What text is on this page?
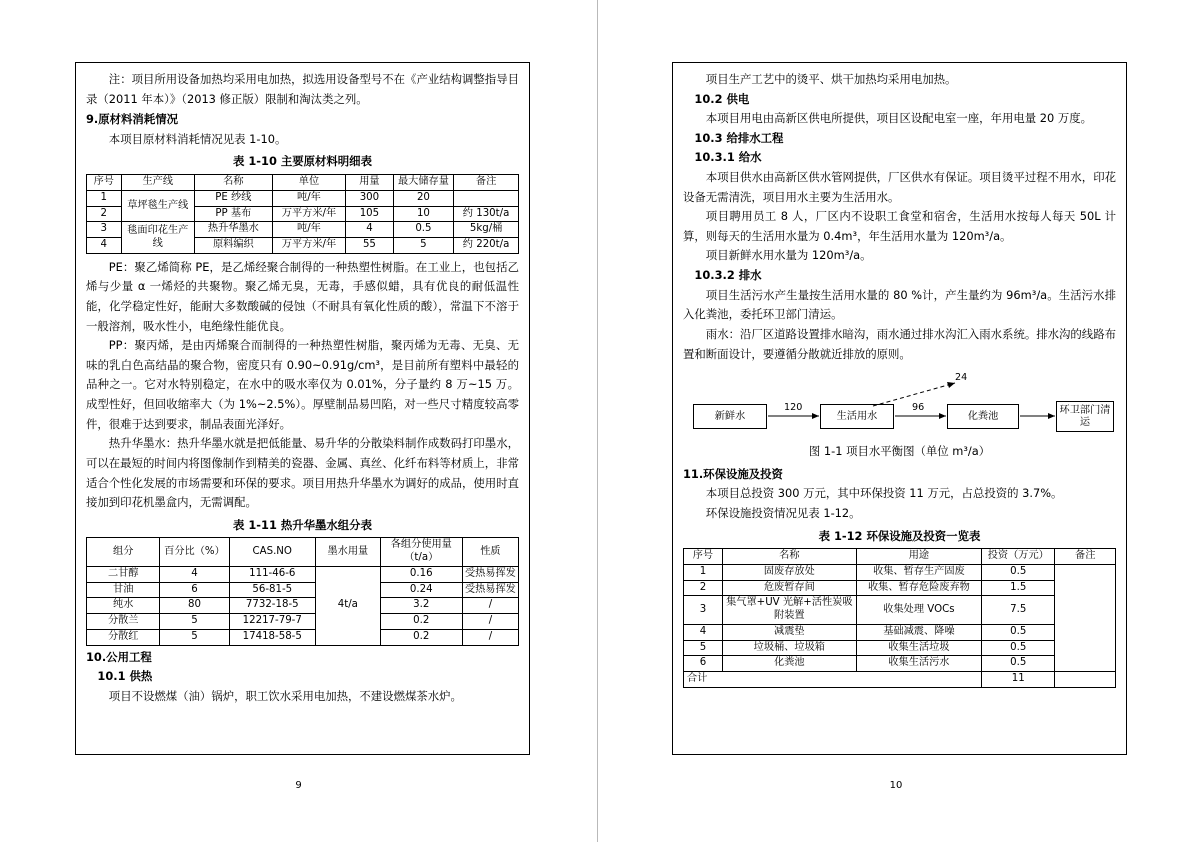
注：项目所用设备加热均采用电加热，拟选用设备型号不在《产业结构调整指导目录（2011 年本）》（2013 修正版）限制和淘汰类之列。

9.原材料消耗情况

本项目原材料消耗情况见表 1-10。

表 1-10 主要原材料明细表
序号	生产线	名称	单位	用量	最大储存量	备注
1	草坪毯生产线	PE 纱线	吨/年	300	20	
2		PP 基布	万平方米/年	105	10	约 130t/a
3	毯面印花生产线	热升华墨水	吨/年	4	0.5	5kg/桶
4		原料编织	万平方米/年	55	5	约 220t/a

PE：聚乙烯简称 PE，是乙烯经聚合制得的一种热塑性树脂。在工业上，也包括乙烯与少量 α 一烯烃的共聚物。聚乙烯无臭，无毒，手感似蜡，具有优良的耐低温性能，化学稳定性好，能耐大多数酸碱的侵蚀（不耐具有氧化性质的酸），常温下不溶于一般溶剂，吸水性小，电绝缘性能优良。

PP：聚丙烯，是由丙烯聚合而制得的一种热塑性树脂，聚丙烯为无毒、无臭、无味的乳白色高结晶的聚合物，密度只有 0.90~0.91g/cm³，是目前所有塑料中最轻的品种之一。它对水特别稳定，在水中的吸水率仅为 0.01%，分子量约 8 万~15 万。成型性好，但回收缩率大（为 1%~2.5%）。厚壁制品易凹陷，对一些尺寸精度较高零件，很难于达到要求，制品表面光泽好。

热升华墨水：热升华墨水就是把低能量、易升华的分散染料制作成数码打印墨水，可以在最短的时间内将图像制作到精美的瓷器、金属、真丝、化纤布料等材质上，非常适合个性化发展的市场需要和环保的要求。项目用热升华墨水为调好的成品，使用时直接加到印花机墨盒内，无需调配。

表 1-11 热升华墨水组分表
组分	百分比（%）	CAS.NO	墨水用量	各组分使用量（t/a）	性质
二甘醇	4	111-46-6	4t/a	0.16	受热易挥发
甘油	6	56-81-5		0.24	受热易挥发
纯水	80	7732-18-5		3.2	/
分散兰	5	12217-79-7		0.2	/
分散红	5	17418-58-5		0.2	/

10.公用工程

10.1 供热

项目不设燃煤（油）锅炉，职工饮水采用电加热，不建设燃煤茶水炉。

9

项目生产工艺中的烫平、烘干加热均采用电加热。

10.2 供电

本项目用电由高新区供电所提供，项目区设配电室一座，年用电量 20 万度。

10.3 给排水工程

10.3.1 给水

本项目供水由高新区供水管网提供，厂区供水有保证。项目烫平过程不用水，印花设备无需清洗，项目用水主要为生活用水。

项目聘用员工 8 人，厂区内不设职工食堂和宿舍，生活用水按每人每天 50L 计算，则每天的生活用水量为 0.4m³，年生活用水量为 120m³/a。

项目新鲜水用水量为 120m³/a。

10.3.2 排水

项目生活污水产生量按生活用水量的 80 %计，产生量约为 96m³/a。生活污水排入化粪池，委托环卫部门清运。

雨水：沿厂区道路设置排水暗沟，雨水通过排水沟汇入雨水系统。排水沟的线路布置和断面设计，要遵循分散就近排放的原则。

新鲜水	生活用水	化粪池
环卫部门清运
120	96
24
图 1-1 项目水平衡图（单位 m³/a）

11.环保设施及投资

本项目总投资 300 万元，其中环保投资 11 万元，占总投资的 3.7%。

环保设施投资情况见表 1-12。

表 1-12 环保设施及投资一览表
序号	名称	用途	投资（万元）	备注
1	固废存放处	收集、暂存生产固废	0.5	
2	危废暂存间	收集、暂存危险废弃物	1.5	
3	集气罩+UV 光解+活性炭吸附装置	收集处理 VOCs	7.5	
4	减震垫	基础减震、降噪	0.5	
5	垃圾桶、垃圾箱	收集生活垃圾	0.5	
6	化粪池	收集生活污水	0.5	
合计			11	
10
